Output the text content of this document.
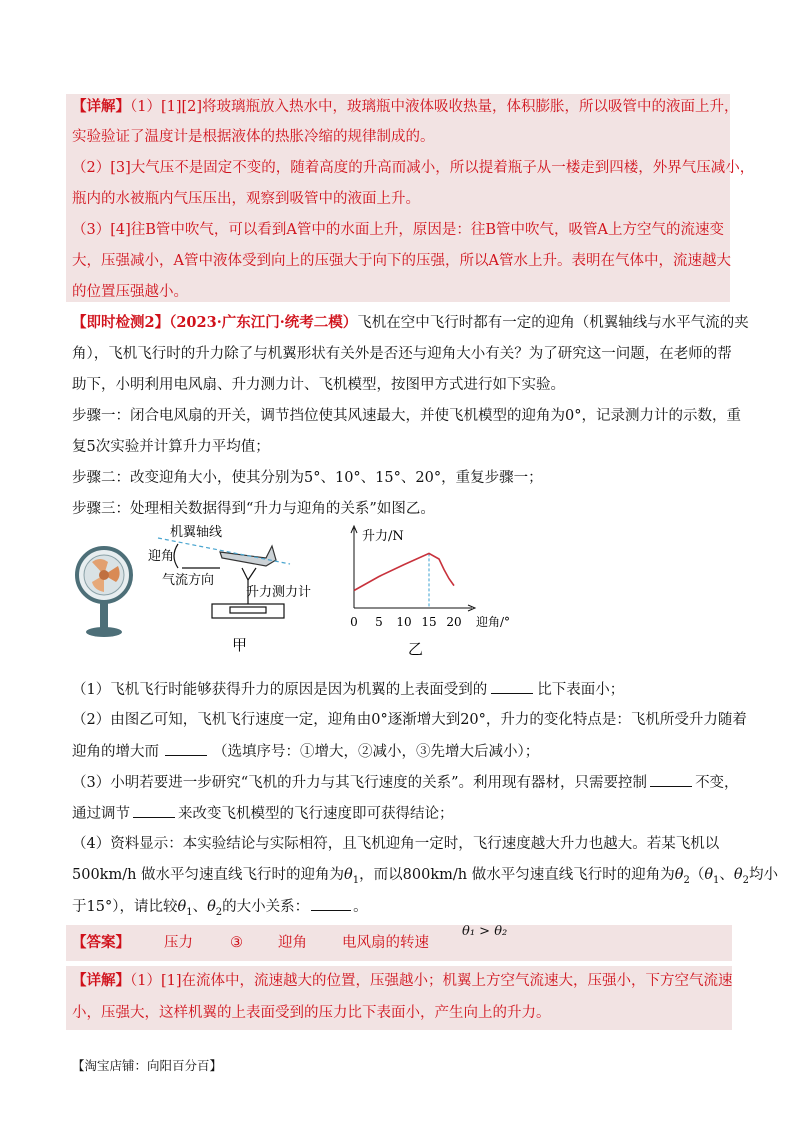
【详解】（1）[1][2]将玻璃瓶放入热水中，玻璃瓶中液体吸收热量，体积膨胀，所以吸管中的液面上升，
实验验证了温度计是根据液体的热胀冷缩的规律制成的。
（2）[3]大气压不是固定不变的，随着高度的升高而减小，所以提着瓶子从一楼走到四楼，外界气压减小，
瓶内的水被瓶内气压压出，观察到吸管中的液面上升。
（3）[4]往B管中吹气，可以看到A管中的水面上升，原因是：往B管中吹气，吸管A上方空气的流速变
大，压强减小，A管中液体受到向上的压强大于向下的压强，所以A管水上升。表明在气体中，流速越大
的位置压强越小。
【即时检测2】（2023·广东江门·统考二模）飞机在空中飞行时都有一定的迎角（机翼轴线与水平气流的夹
角），飞机飞行时的升力除了与机翼形状有关外是否还与迎角大小有关？为了研究这一问题，在老师的帮
助下，小明利用电风扇、升力测力计、飞机模型，按图甲方式进行如下实验。
步骤一：闭合电风扇的开关，调节挡位使其风速最大，并使飞机模型的迎角为0°，记录测力计的示数，重
复5次实验并计算升力平均值；
步骤二：改变迎角大小，使其分别为5°、10°、15°、20°，重复步骤一；
步骤三：处理相关数据得到“升力与迎角的关系”如图乙。
机翼轴线
迎角
气流方向
升力测力计
甲
0 5 10 15 20
升力/N
迎角/°
乙
（1）飞机飞行时能够获得升力的原因是因为机翼的上表面受到的	比下表面小；
（2）由图乙可知，飞机飞行速度一定，迎角由0°逐渐增大到20°，升力的变化特点是：飞机所受升力随着
迎角的增大而	（选填序号：①增大，②减小，③先增大后减小）；
（3）小明若要进一步研究“飞机的升力与其飞行速度的关系”。利用现有器材，只需要控制	不变，
通过调节	来改变飞机模型的飞行速度即可获得结论；
（4）资料显示：本实验结论与实际相符，且飞机迎角一定时，飞行速度越大升力也越大。若某飞机以
500km/h 做水平匀速直线飞行时的迎角为$\theta_1$，而以800km/h 做水平匀速直线飞行时的迎角为$\theta_2(\theta_1$、$\theta_2$均小
于15°），请比较$\theta_1$、$\theta_2$的大小关系：	。
【答案】 压力	③ 迎角 电风扇的转速
θ₁ > θ₂
【详解】（1）[1]在流体中，流速越大的位置，压强越小；机翼上方空气流速大，压强小，下方空气流速
小，压强大，这样机翼的上表面受到的压力比下表面小，产生向上的升力。
【淘宝店铺：向阳百分百】
